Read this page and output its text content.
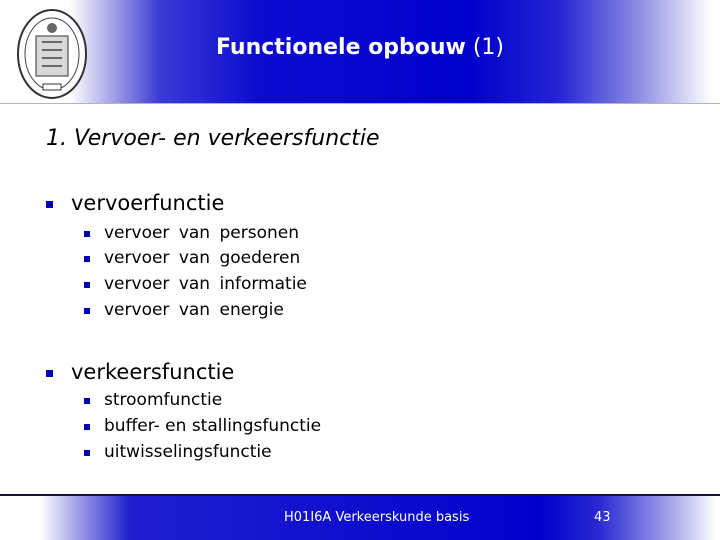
Functionele opbouw (1)
1. Vervoer- en verkeersfunctie
vervoerfunctie
vervoer van personen
vervoer van goederen
vervoer van informatie
vervoer van energie
verkeersfunctie
stroomfunctie
buffer- en stallingsfunctie
uitwisselingsfunctie
H01I6A Verkeerskunde basis	43
